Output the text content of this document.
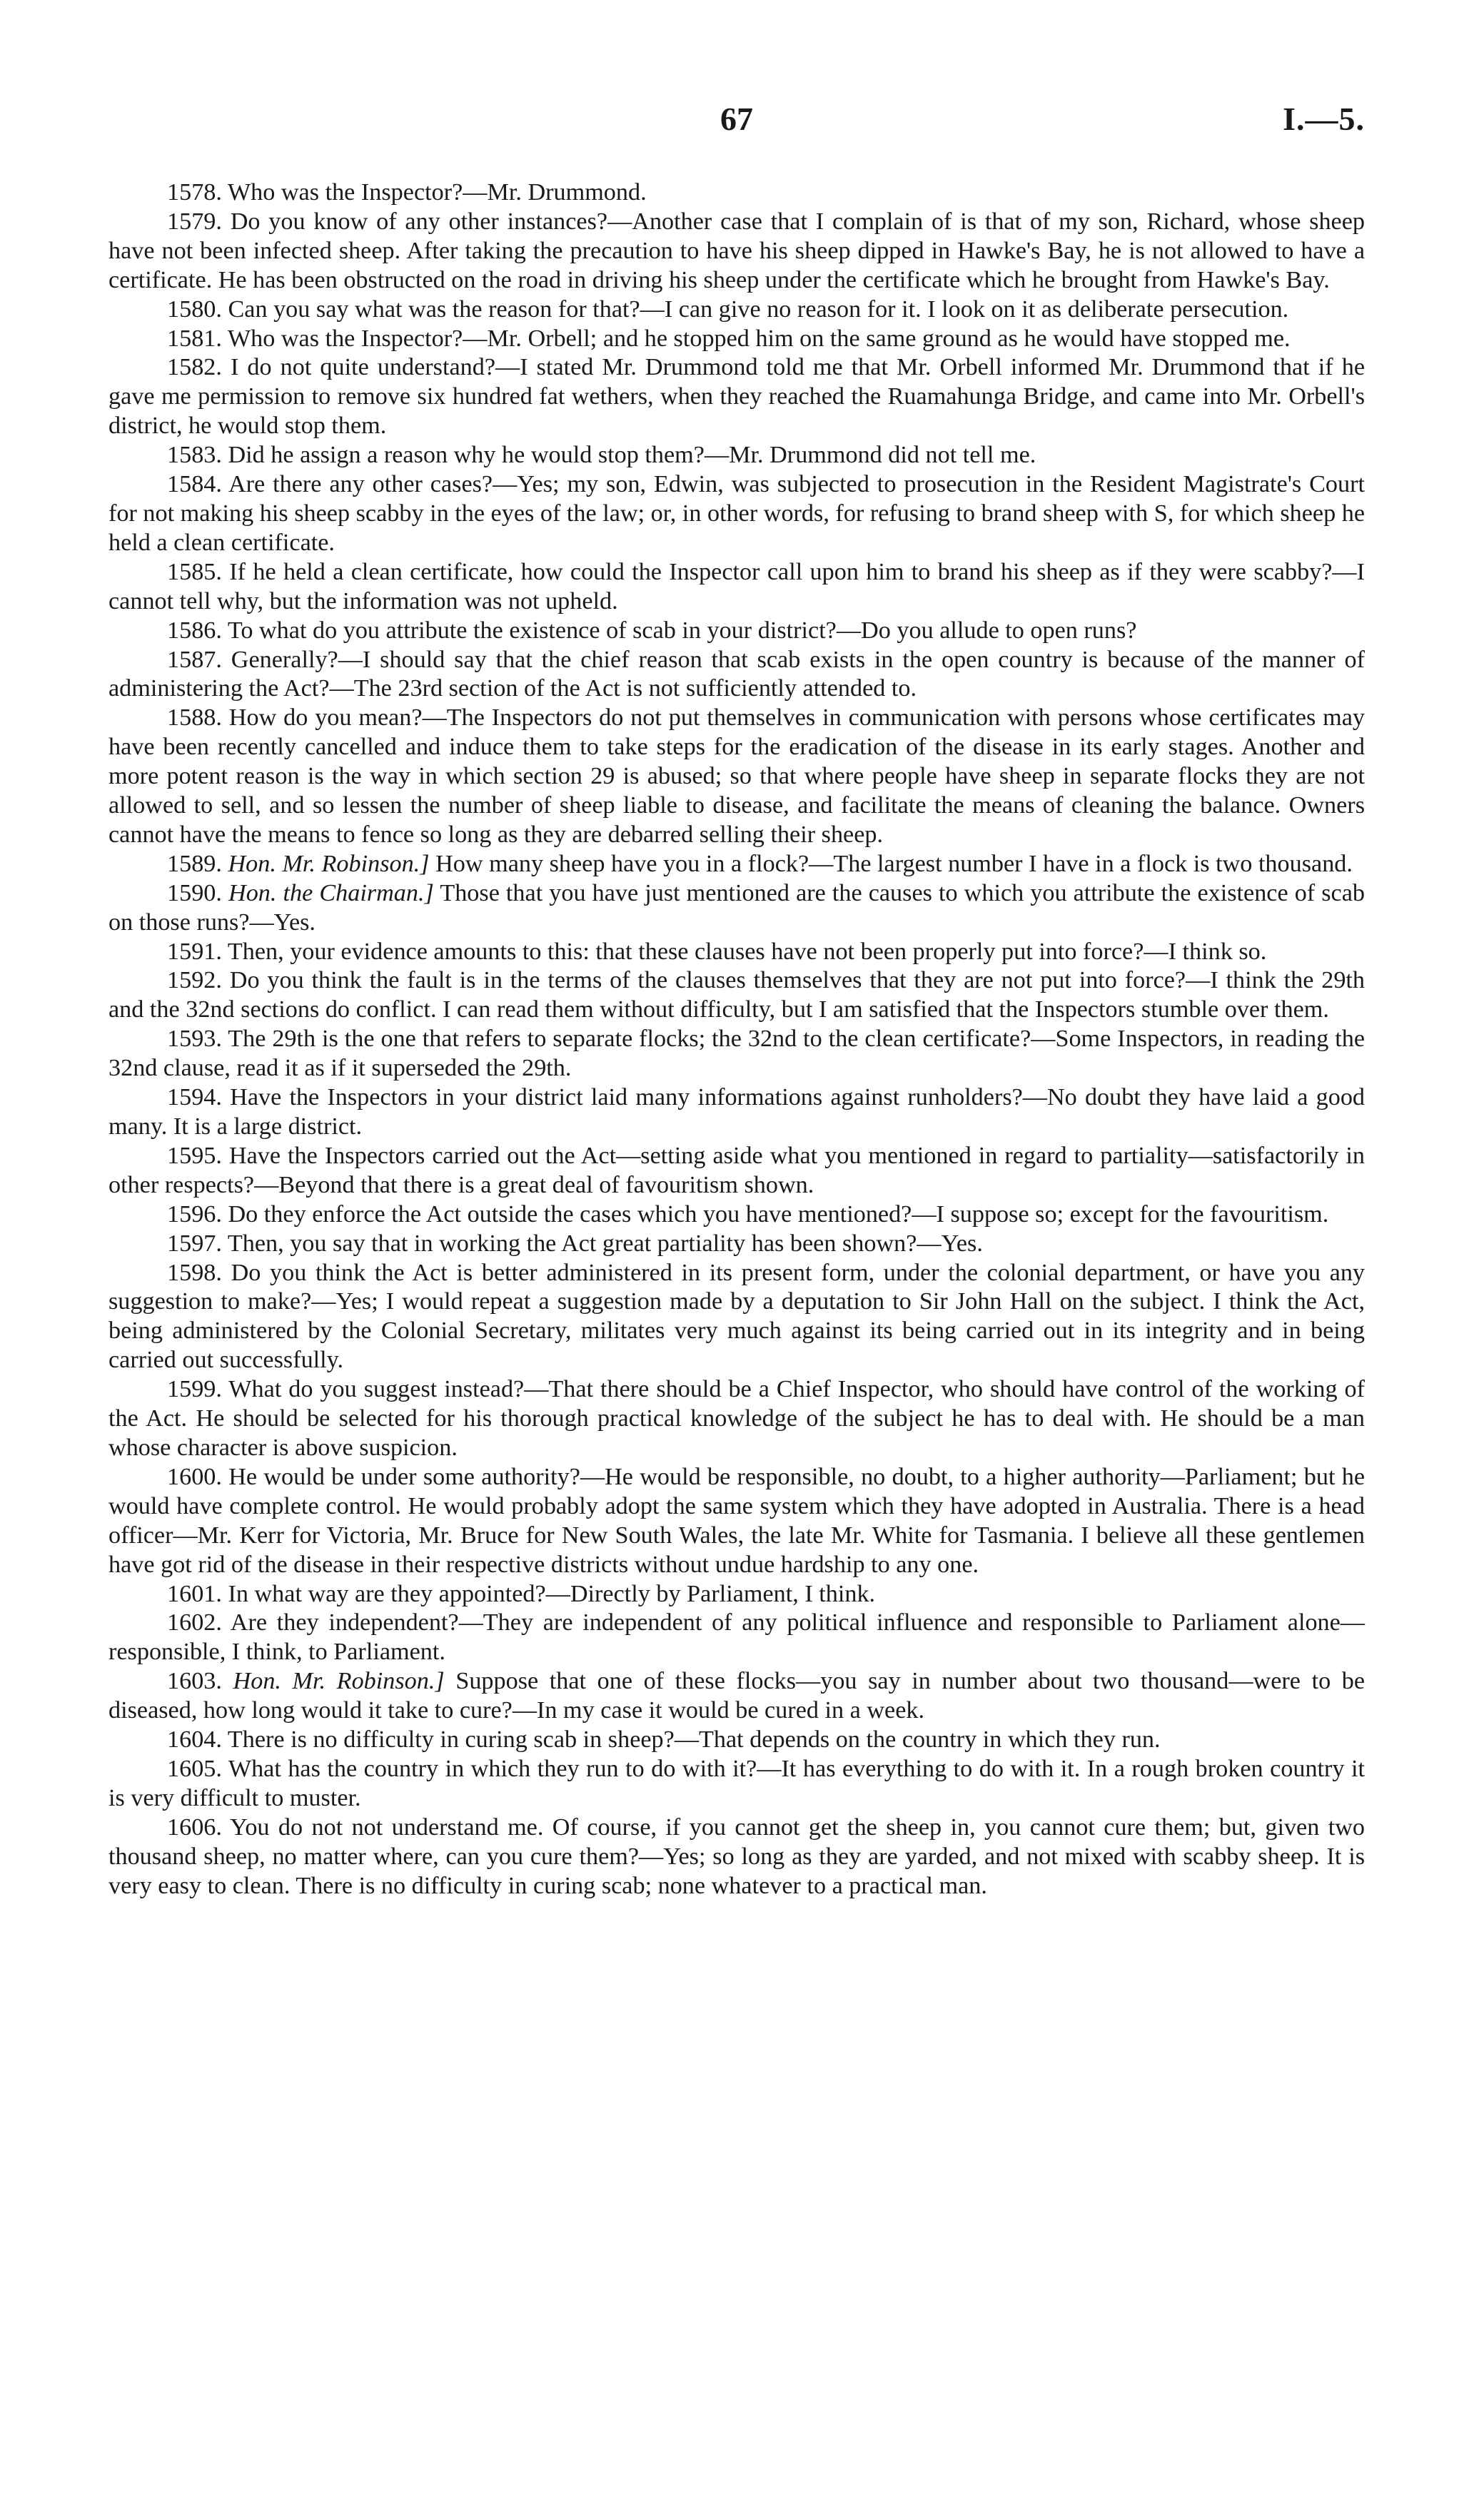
67	I.—5.

1578. Who was the Inspector?—Mr. Drummond.

1579. Do you know of any other instances?—Another case that I complain of is that of my son, Richard, whose sheep have not been infected sheep. After taking the precaution to have his sheep dipped in Hawke's Bay, he is not allowed to have a certificate. He has been obstructed on the road in driving his sheep under the certificate which he brought from Hawke's Bay.

1580. Can you say what was the reason for that?—I can give no reason for it. I look on it as deliberate persecution.

1581. Who was the Inspector?—Mr. Orbell; and he stopped him on the same ground as he would have stopped me.

1582. I do not quite understand?—I stated Mr. Drummond told me that Mr. Orbell informed Mr. Drummond that if he gave me permission to remove six hundred fat wethers, when they reached the Ruamahunga Bridge, and came into Mr. Orbell's district, he would stop them.

1583. Did he assign a reason why he would stop them?—Mr. Drummond did not tell me.

1584. Are there any other cases?—Yes; my son, Edwin, was subjected to prosecution in the Resident Magistrate's Court for not making his sheep scabby in the eyes of the law; or, in other words, for refusing to brand sheep with S, for which sheep he held a clean certificate.

1585. If he held a clean certificate, how could the Inspector call upon him to brand his sheep as if they were scabby?—I cannot tell why, but the information was not upheld.

1586. To what do you attribute the existence of scab in your district?—Do you allude to open runs?

1587. Generally?—I should say that the chief reason that scab exists in the open country is because of the manner of administering the Act?—The 23rd section of the Act is not sufficiently attended to.

1588. How do you mean?—The Inspectors do not put themselves in communication with persons whose certificates may have been recently cancelled and induce them to take steps for the eradication of the disease in its early stages. Another and more potent reason is the way in which section 29 is abused; so that where people have sheep in separate flocks they are not allowed to sell, and so lessen the number of sheep liable to disease, and facilitate the means of cleaning the balance. Owners cannot have the means to fence so long as they are debarred selling their sheep.

1589. Hon. Mr. Robinson.] How many sheep have you in a flock?—The largest number I have in a flock is two thousand.

1590. Hon. the Chairman.] Those that you have just mentioned are the causes to which you attribute the existence of scab on those runs?—Yes.

1591. Then, your evidence amounts to this: that these clauses have not been properly put into force?—I think so.

1592. Do you think the fault is in the terms of the clauses themselves that they are not put into force?—I think the 29th and the 32nd sections do conflict. I can read them without difficulty, but I am satisfied that the Inspectors stumble over them.

1593. The 29th is the one that refers to separate flocks; the 32nd to the clean certificate?—Some Inspectors, in reading the 32nd clause, read it as if it superseded the 29th.

1594. Have the Inspectors in your district laid many informations against runholders?—No doubt they have laid a good many. It is a large district.

1595. Have the Inspectors carried out the Act—setting aside what you mentioned in regard to partiality—satisfactorily in other respects?—Beyond that there is a great deal of favouritism shown.

1596. Do they enforce the Act outside the cases which you have mentioned?—I suppose so; except for the favouritism.

1597. Then, you say that in working the Act great partiality has been shown?—Yes.

1598. Do you think the Act is better administered in its present form, under the colonial department, or have you any suggestion to make?—Yes; I would repeat a suggestion made by a deputation to Sir John Hall on the subject. I think the Act, being administered by the Colonial Secretary, militates very much against its being carried out in its integrity and in being carried out successfully.

1599. What do you suggest instead?—That there should be a Chief Inspector, who should have control of the working of the Act. He should be selected for his thorough practical knowledge of the subject he has to deal with. He should be a man whose character is above suspicion.

1600. He would be under some authority?—He would be responsible, no doubt, to a higher authority—Parliament; but he would have complete control. He would probably adopt the same system which they have adopted in Australia. There is a head officer—Mr. Kerr for Victoria, Mr. Bruce for New South Wales, the late Mr. White for Tasmania. I believe all these gentlemen have got rid of the disease in their respective districts without undue hardship to any one.

1601. In what way are they appointed?—Directly by Parliament, I think.

1602. Are they independent?—They are independent of any political influence and responsible to Parliament alone—responsible, I think, to Parliament.

1603. Hon. Mr. Robinson.] Suppose that one of these flocks—you say in number about two thousand—were to be diseased, how long would it take to cure?—In my case it would be cured in a week.

1604. There is no difficulty in curing scab in sheep?—That depends on the country in which they run.

1605. What has the country in which they run to do with it?—It has everything to do with it. In a rough broken country it is very difficult to muster.

1606. You do not not understand me. Of course, if you cannot get the sheep in, you cannot cure them; but, given two thousand sheep, no matter where, can you cure them?—Yes; so long as they are yarded, and not mixed with scabby sheep. It is very easy to clean. There is no difficulty in curing scab; none whatever to a practical man.
